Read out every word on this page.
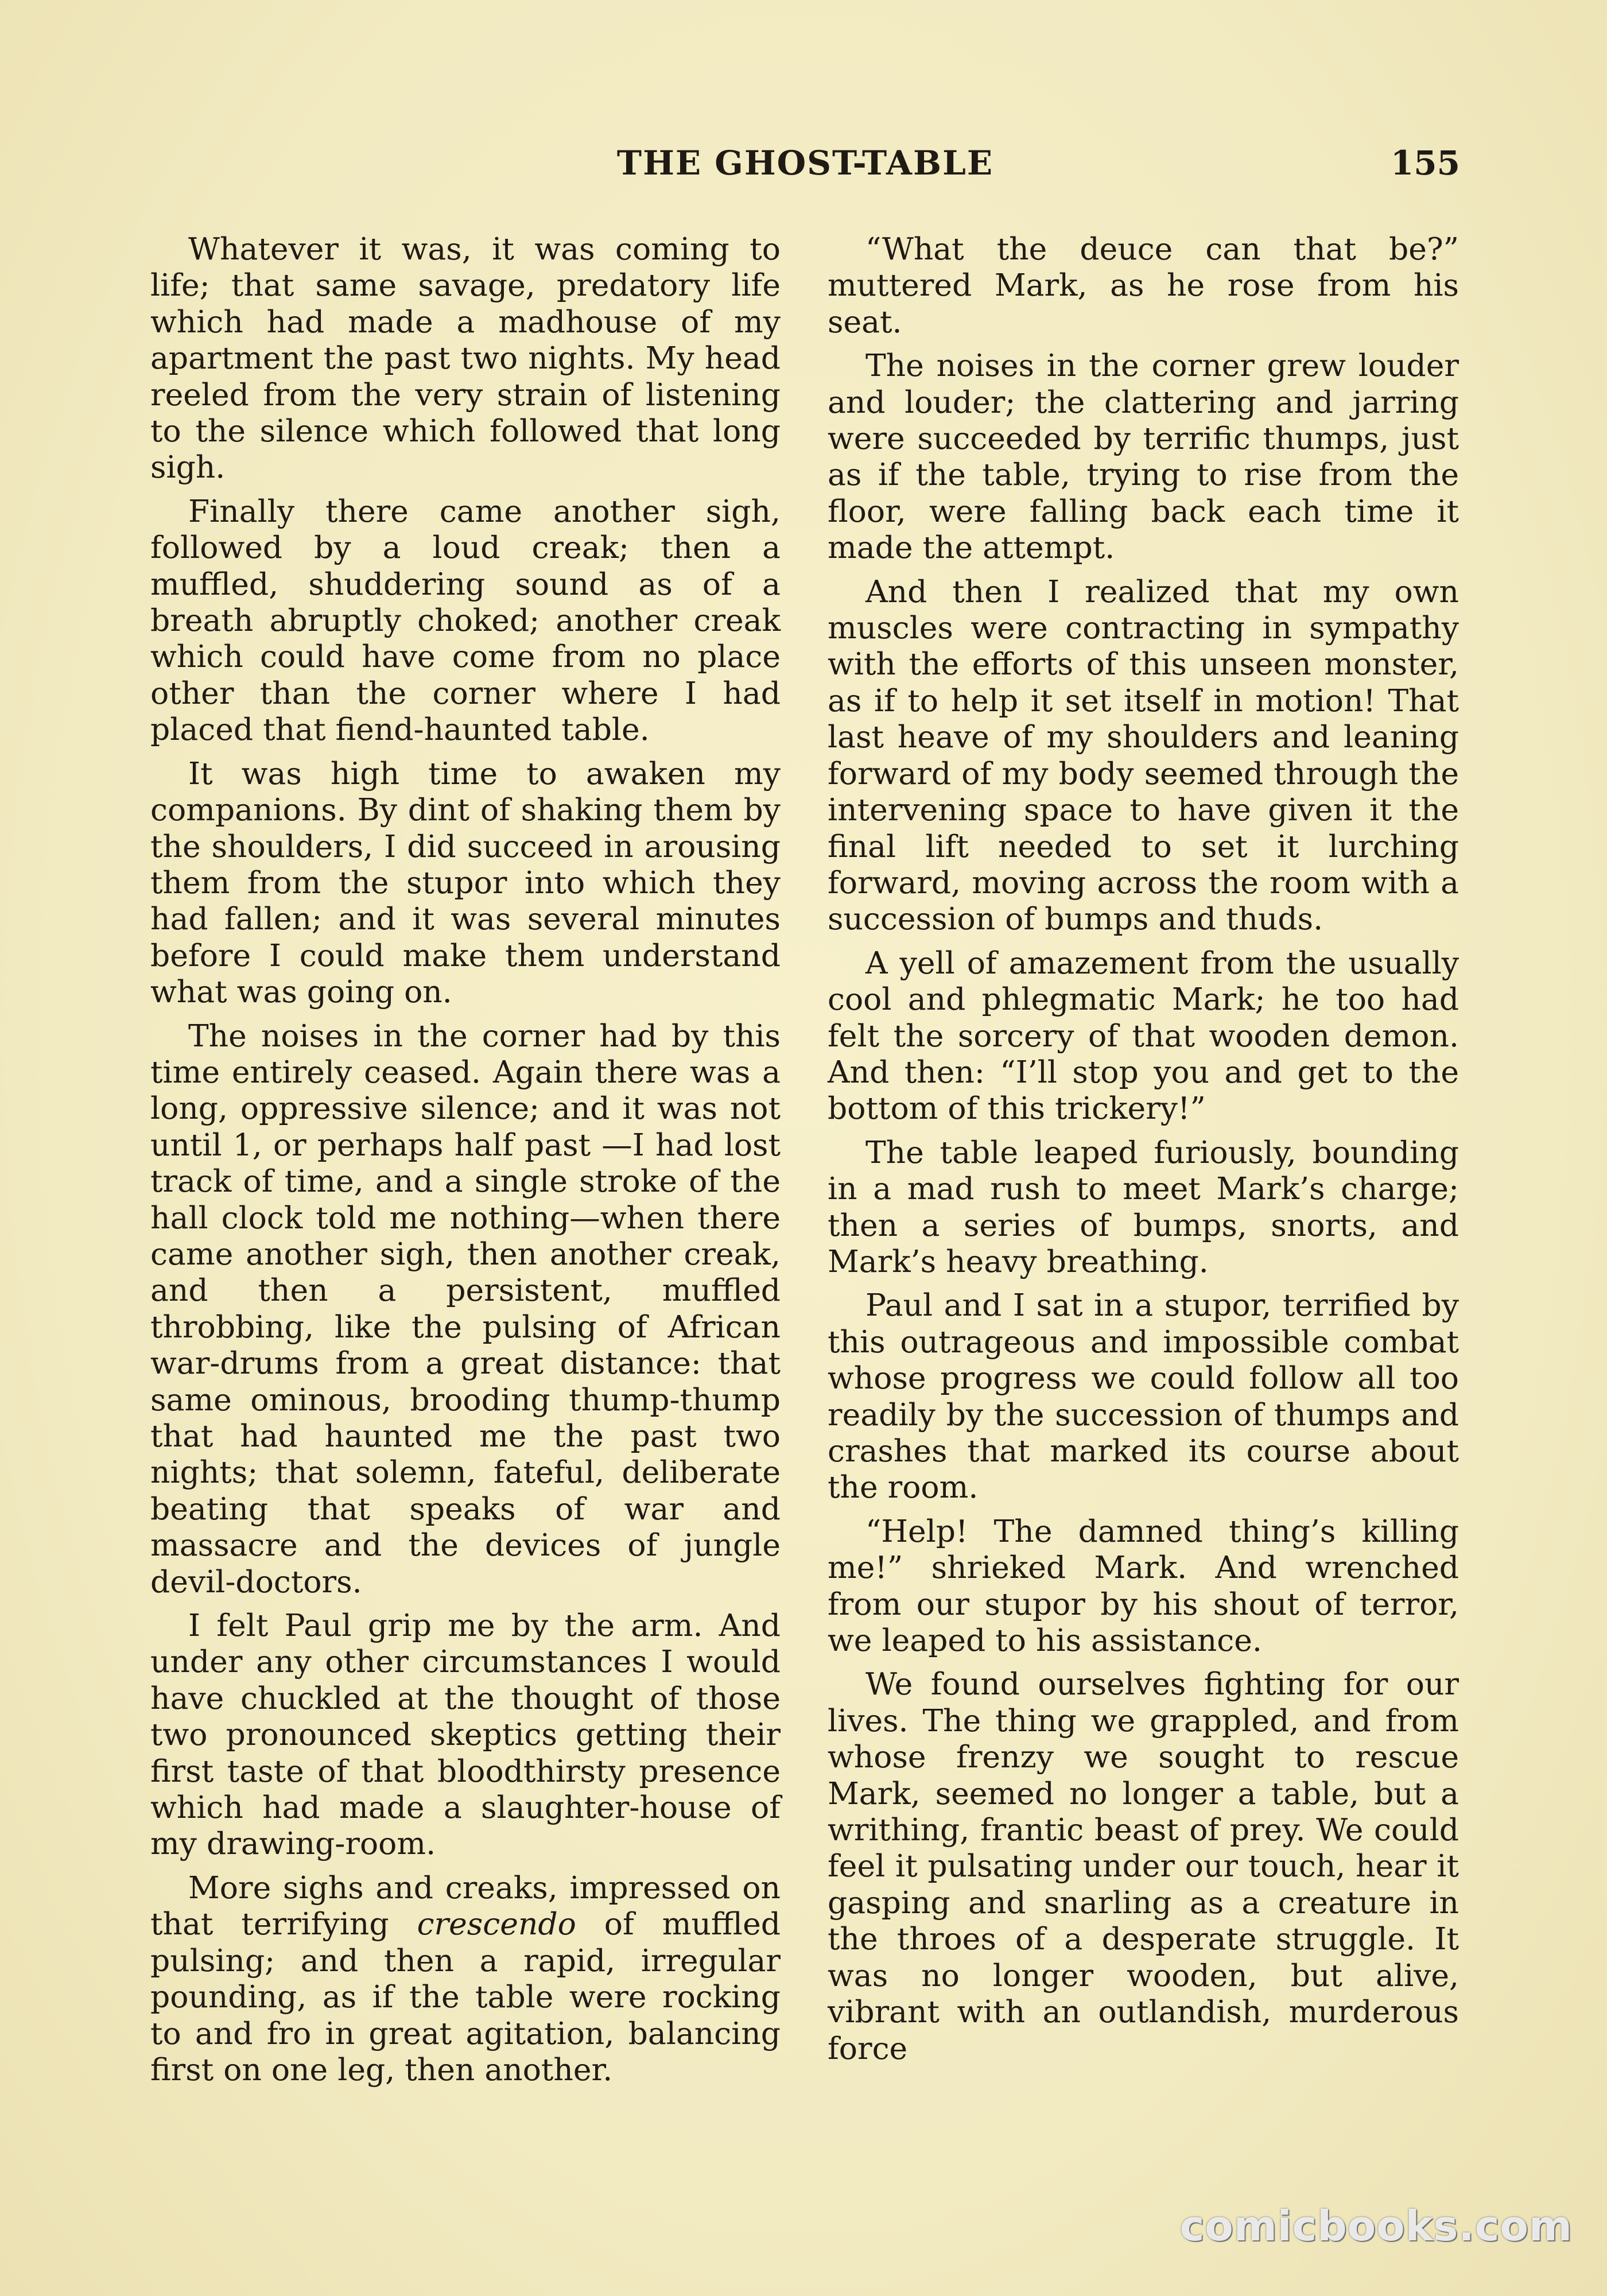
THE GHOST-TABLE	155

Whatever it was, it was coming to life; that same savage, predatory life which had made a madhouse of my apartment the past two nights. My head reeled from the very strain of listening to the silence which followed that long sigh.

Finally there came another sigh, followed by a loud creak; then a muffled, shuddering sound as of a breath abruptly choked; another creak which could have come from no place other than the corner where I had placed that fiend-haunted table.

It was high time to awaken my companions. By dint of shaking them by the shoulders, I did succeed in arousing them from the stupor into which they had fallen; and it was several minutes before I could make them understand what was going on.

The noises in the corner had by this time entirely ceased. Again there was a long, oppressive silence; and it was not until 1, or perhaps half past —I had lost track of time, and a single stroke of the hall clock told me nothing—when there came another sigh, then another creak, and then a persistent, muffled throbbing, like the pulsing of African war-drums from a great distance: that same ominous, brooding thump-thump that had haunted me the past two nights; that solemn, fateful, deliberate beating that speaks of war and massacre and the devices of jungle devil-doctors.

I felt Paul grip me by the arm. And under any other circumstances I would have chuckled at the thought of those two pronounced skeptics getting their first taste of that bloodthirsty presence which had made a slaughter-house of my drawing-room.

More sighs and creaks, impressed on that terrifying crescendo of muffled pulsing; and then a rapid, irregular pounding, as if the table were rocking to and fro in great agitation, balancing first on one leg, then another.

“What the deuce can that be?” muttered Mark, as he rose from his seat.

The noises in the corner grew louder and louder; the clattering and jarring were succeeded by terrific thumps, just as if the table, trying to rise from the floor, were falling back each time it made the attempt.

And then I realized that my own muscles were contracting in sympathy with the efforts of this unseen monster, as if to help it set itself in motion! That last heave of my shoulders and leaning forward of my body seemed through the intervening space to have given it the final lift needed to set it lurching forward, moving across the room with a succession of bumps and thuds.

A yell of amazement from the usually cool and phlegmatic Mark; he too had felt the sorcery of that wooden demon. And then: “I’ll stop you and get to the bottom of this trickery!”

The table leaped furiously, bounding in a mad rush to meet Mark’s charge; then a series of bumps, snorts, and Mark’s heavy breathing.

Paul and I sat in a stupor, terrified by this outrageous and impossible combat whose progress we could follow all too readily by the succession of thumps and crashes that marked its course about the room.

“Help! The damned thing’s killing me!” shrieked Mark. And wrenched from our stupor by his shout of terror, we leaped to his assistance.

We found ourselves fighting for our lives. The thing we grappled, and from whose frenzy we sought to rescue Mark, seemed no longer a table, but a writhing, frantic beast of prey. We could feel it pulsating under our touch, hear it gasping and snarling as a creature in the throes of a desperate struggle. It was no longer wooden, but alive, vibrant with an outlandish, murderous force

comicbooks.com
